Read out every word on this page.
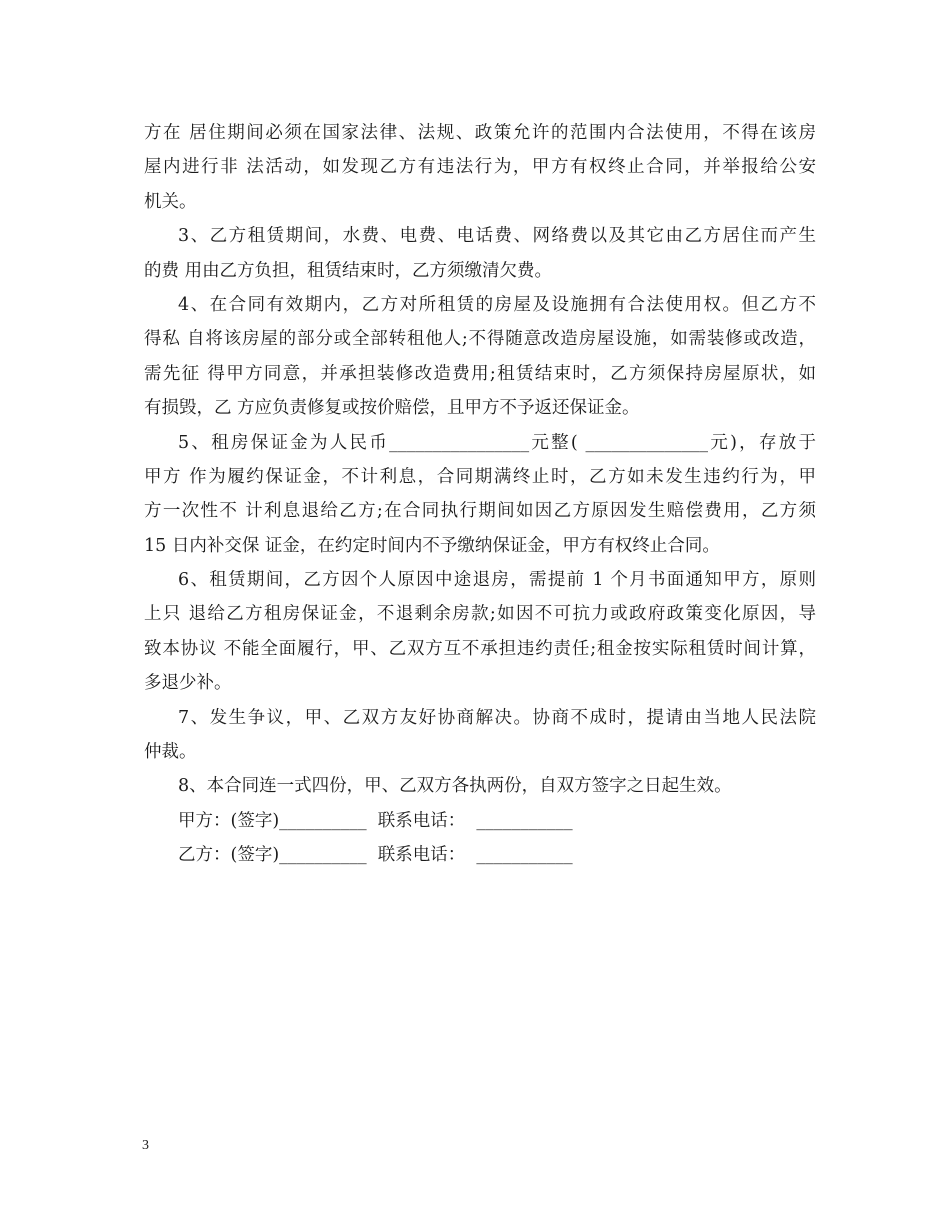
方在 居住期间必须在国家法律、法规、政策允许的范围内合法使用，不得在该房
屋内进行非 法活动，如发现乙方有违法行为，甲方有权终止合同，并举报给公安
机关。
3、乙方租赁期间，水费、电费、电话费、网络费以及其它由乙方居住而产生
的费 用由乙方负担，租赁结束时，乙方须缴清欠费。
4、在合同有效期内，乙方对所租赁的房屋及设施拥有合法使用权。但乙方不
得私 自将该房屋的部分或全部转租他人;不得随意改造房屋设施，如需装修或改造，
需先征 得甲方同意，并承担装修改造费用;租赁结束时，乙方须保持房屋原状，如
有损毁，乙 方应负责修复或按价赔偿，且甲方不予返还保证金。
5、租房保证金为人民币________________元整( ______________元)，存放于
甲方 作为履约保证金，不计利息，合同期满终止时，乙方如未发生违约行为，甲
方一次性不 计利息退给乙方;在合同执行期间如因乙方原因发生赔偿费用，乙方须
15 日内补交保 证金，在约定时间内不予缴纳保证金，甲方有权终止合同。
6、租赁期间，乙方因个人原因中途退房，需提前 1 个月书面通知甲方，原则
上只 退给乙方租房保证金，不退剩余房款;如因不可抗力或政府政策变化原因，导
致本协议 不能全面履行，甲、乙双方互不承担违约责任;租金按实际租赁时间计算，
多退少补。
7、发生争议，甲、乙双方友好协商解决。协商不成时，提请由当地人民法院
仲裁。
8、本合同连一式四份，甲、乙双方各执两份，自双方签字之日起生效。
甲方：(签字)__________  联系电话：  ___________
乙方：(签字)__________  联系电话：  ___________
3
